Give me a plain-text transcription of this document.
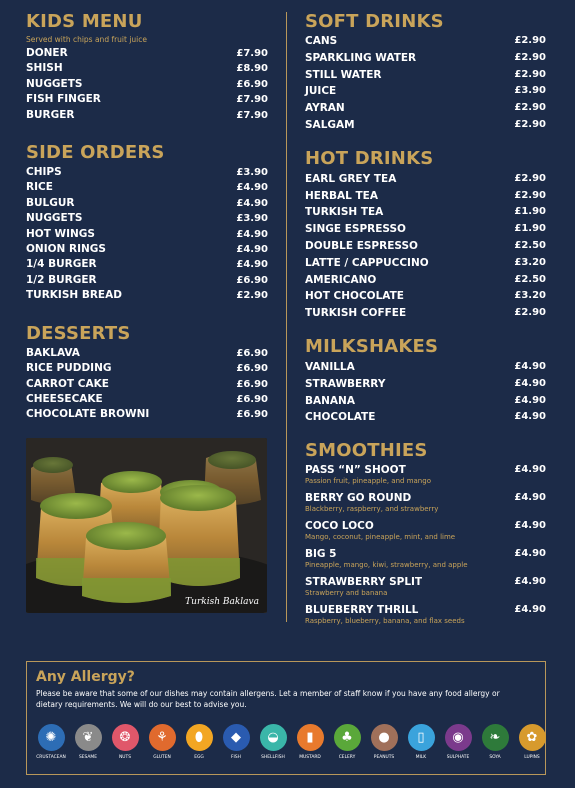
KIDS MENU
Served with chips and fruit juice
DONER	£7.90
SHISH	£8.90
NUGGETS	£6.90
FISH FINGER	£7.90
BURGER	£7.90
SIDE ORDERS
CHIPS	£3.90
RICE	£4.90
BULGUR	£4.90
NUGGETS	£3.90
HOT WINGS	£4.90
ONION RINGS	£4.90
1/4 BURGER	£4.90
1/2 BURGER	£6.90
TURKISH BREAD	£2.90
DESSERTS
BAKLAVA	£6.90
RICE PUDDING	£6.90
CARROT CAKE	£6.90
CHEESECAKE	£6.90
CHOCOLATE BROWNI	£6.90
Turkish Baklava
SOFT DRINKS
CANS	£2.90
SPARKLING WATER	£2.90
STILL WATER	£2.90
JUICE	£3.90
AYRAN	£2.90
SALGAM	£2.90
HOT DRINKS
EARL GREY TEA	£2.90
HERBAL TEA	£2.90
TURKISH TEA	£1.90
SINGE ESPRESSO	£1.90
DOUBLE ESPRESSO	£2.50
LATTE / CAPPUCCINO	£3.20
AMERICANO	£2.50
HOT CHOCOLATE	£3.20
TURKISH COFFEE	£2.90
MILKSHAKES
VANILLA	£4.90
STRAWBERRY	£4.90
BANANA	£4.90
CHOCOLATE	£4.90
SMOOTHIES
PASS “N” SHOOT	£4.90
Passion fruit, pineapple, and mango
BERRY GO ROUND	£4.90
Blackberry, raspberry, and strawberry
COCO LOCO	£4.90
Mango, coconut, pineapple, mint, and lime
BIG 5	£4.90
Pineapple, mango, kiwi, strawberry, and apple
STRAWBERRY SPLIT	£4.90
Strawberry and banana
BLUEBERRY THRILL	£4.90
Raspberry, blueberry, banana, and flax seeds
Any Allergy?
Please be aware that some of our dishes may contain allergens. Let a member of staff know if you have any food allergy or dietary requirements. We will do our best to advise you.
✺
CRUSTACEAN
❦
SESAME
❂
NUTS
⚘
GLUTEN
⬮
EGG
◆
FISH
◒
SHELLFISH
▮
MUSTARD
♣
CELERY
●
PEANUTS
▯
MILK
◉
SULPHATE
❧
SOYA
✿
LUPINS
